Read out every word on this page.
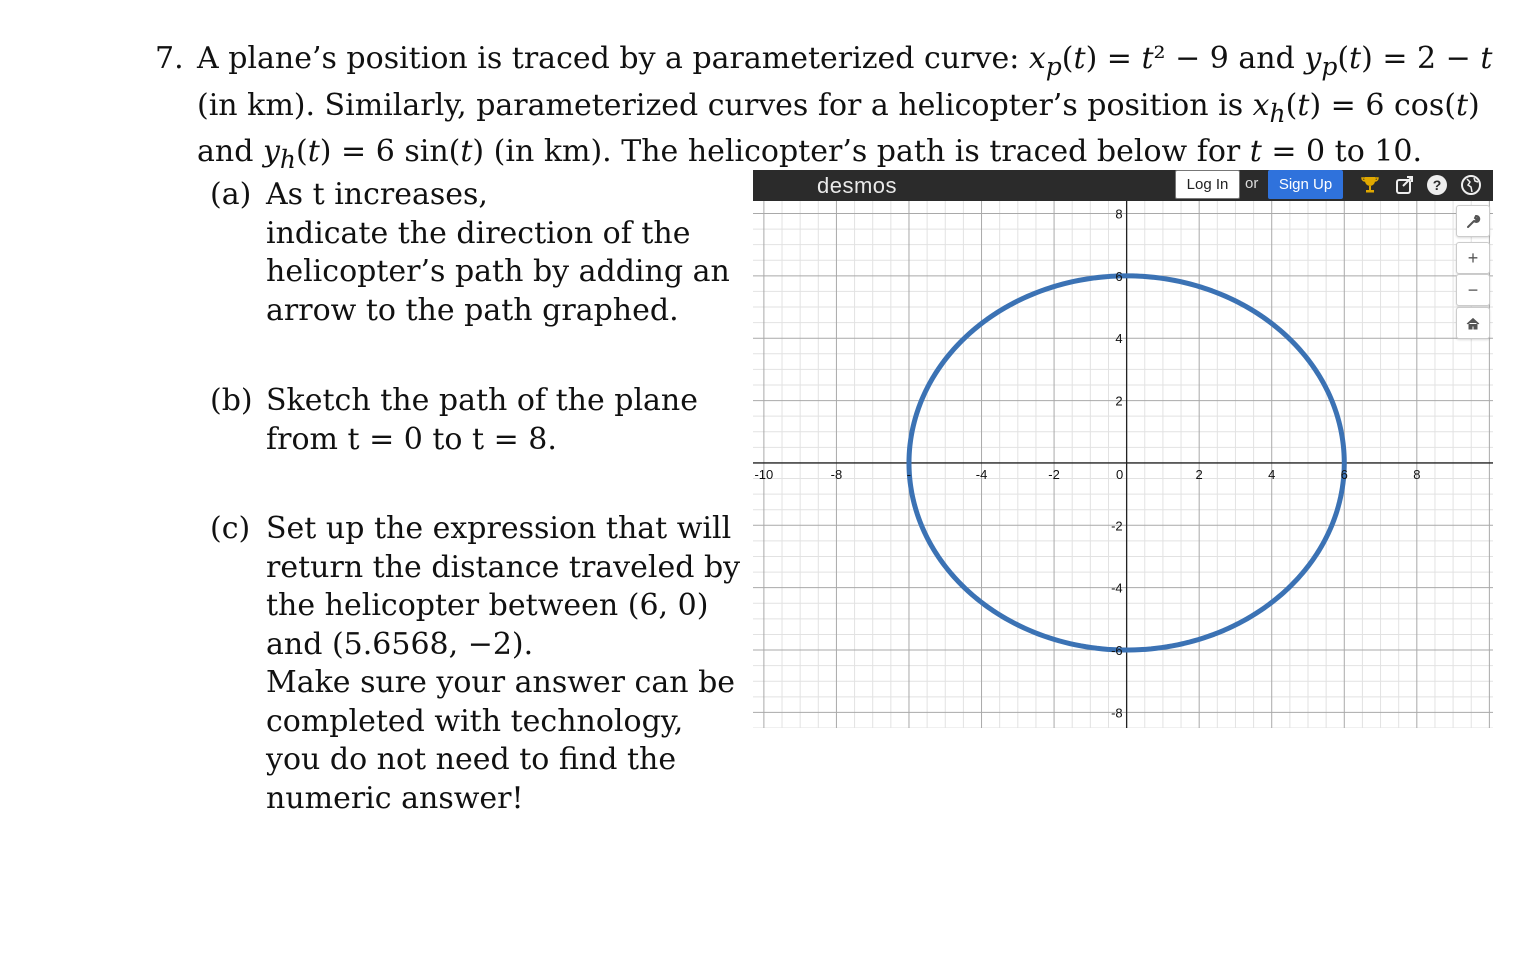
7. A plane’s position is traced by a parameterized curve: $x_p(t) = t^2 - 9$ and $y_p(t) = 2 - t$
(in km). Similarly, parameterized curves for a helicopter’s position is $x_h(t) = 6$ cos(t)
and $y_h(t) = 6$ sin(t) (in km). The helicopter’s path is traced below for t = 0 to 10.
(a) As t increases,
indicate the direction of the
helicopter’s path by adding an
arrow to the path graphed.
(b) Sketch the path of the plane
from t = 0 to t = 8.
(c) Set up the expression that will
return the distance traveled by
the helicopter between (6, 0)
and (5.6568, −2).
Make sure your answer can be
completed with technology,
you do not need to find the
numeric answer!
desmos	Log In	or	Sign Up	?
-10	-8	-	-4	-2	0	2	4	6	8
8
6
4
2
-2
-4
-6
-8
+
−
